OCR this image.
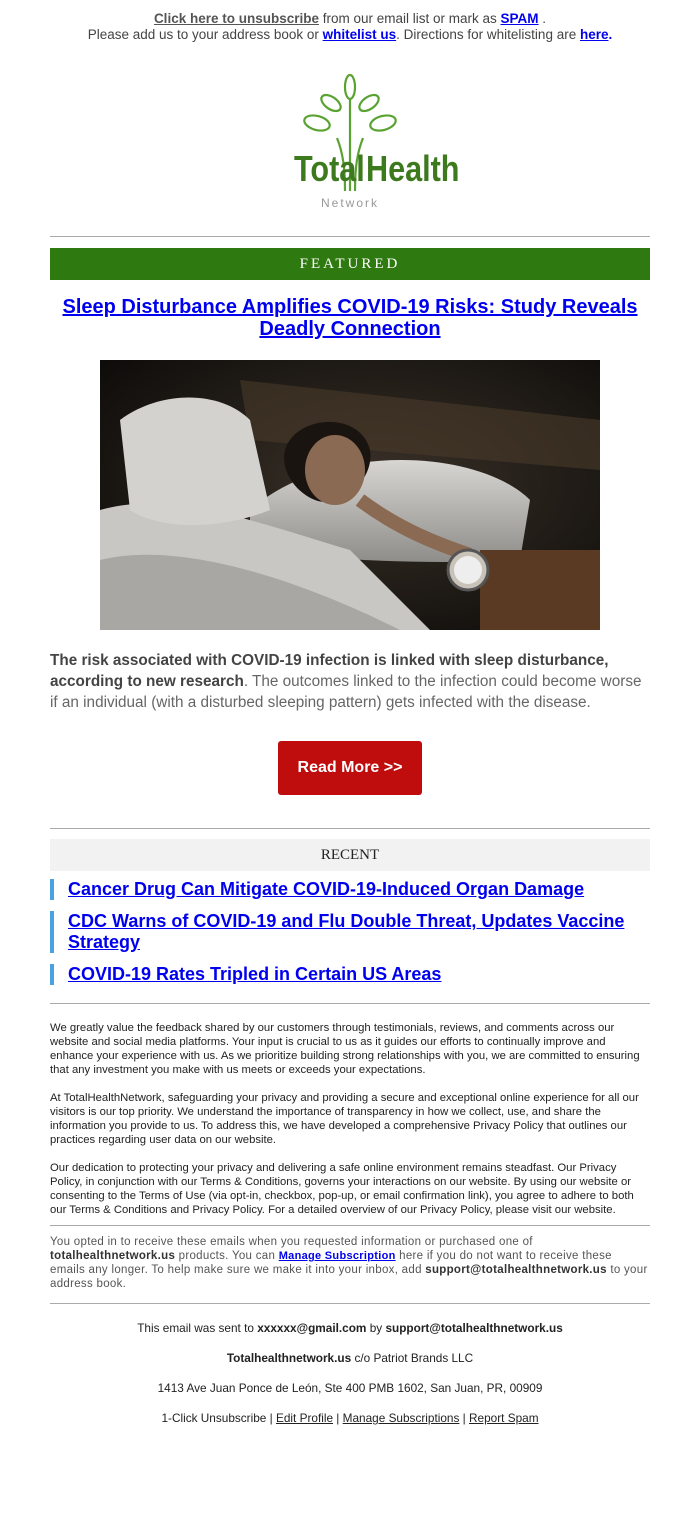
Click here to unsubscribe from our email list or mark as SPAM .
Please add us to your address book or whitelist us. Directions for whitelisting are here.
Total Health
Network
FEATURED
Sleep Disturbance Amplifies COVID-19 Risks: Study Reveals Deadly Connection
The risk associated with COVID-19 infection is linked with sleep disturbance, according to new research. The outcomes linked to the infection could become worse if an individual (with a disturbed sleeping pattern) gets infected with the disease.
Read More >>
RECENT
Cancer Drug Can Mitigate COVID-19-Induced Organ Damage
CDC Warns of COVID-19 and Flu Double Threat, Updates Vaccine Strategy
COVID-19 Rates Tripled in Certain US Areas

We greatly value the feedback shared by our customers through testimonials, reviews, and comments across our website and social media platforms. Your input is crucial to us as it guides our efforts to continually improve and enhance your experience with us. As we prioritize building strong relationships with you, we are committed to ensuring that any investment you make with us meets or exceeds your expectations.

At TotalHealthNetwork, safeguarding your privacy and providing a secure and exceptional online experience for all our visitors is our top priority. We understand the importance of transparency in how we collect, use, and share the information you provide to us. To address this, we have developed a comprehensive Privacy Policy that outlines our practices regarding user data on our website.

Our dedication to protecting your privacy and delivering a safe online environment remains steadfast. Our Privacy Policy, in conjunction with our Terms & Conditions, governs your interactions on our website. By using our website or consenting to the Terms of Use (via opt-in, checkbox, pop-up, or email confirmation link), you agree to adhere to both our Terms & Conditions and Privacy Policy. For a detailed overview of our Privacy Policy, please visit our website.

You opted in to receive these emails when you requested information or purchased one of totalhealthnetwork.us products. You can Manage Subscription here if you do not want to receive these emails any longer. To help make sure we make it into your inbox, add support@totalhealthnetwork.us to your address book.

This email was sent to xxxxxx@gmail.com by support@totalhealthnetwork.us

Totalhealthnetwork.us c/o Patriot Brands LLC

1413 Ave Juan Ponce de León, Ste 400 PMB 1602, San Juan, PR, 00909

1-Click Unsubscribe | Edit Profile | Manage Subscriptions | Report Spam
